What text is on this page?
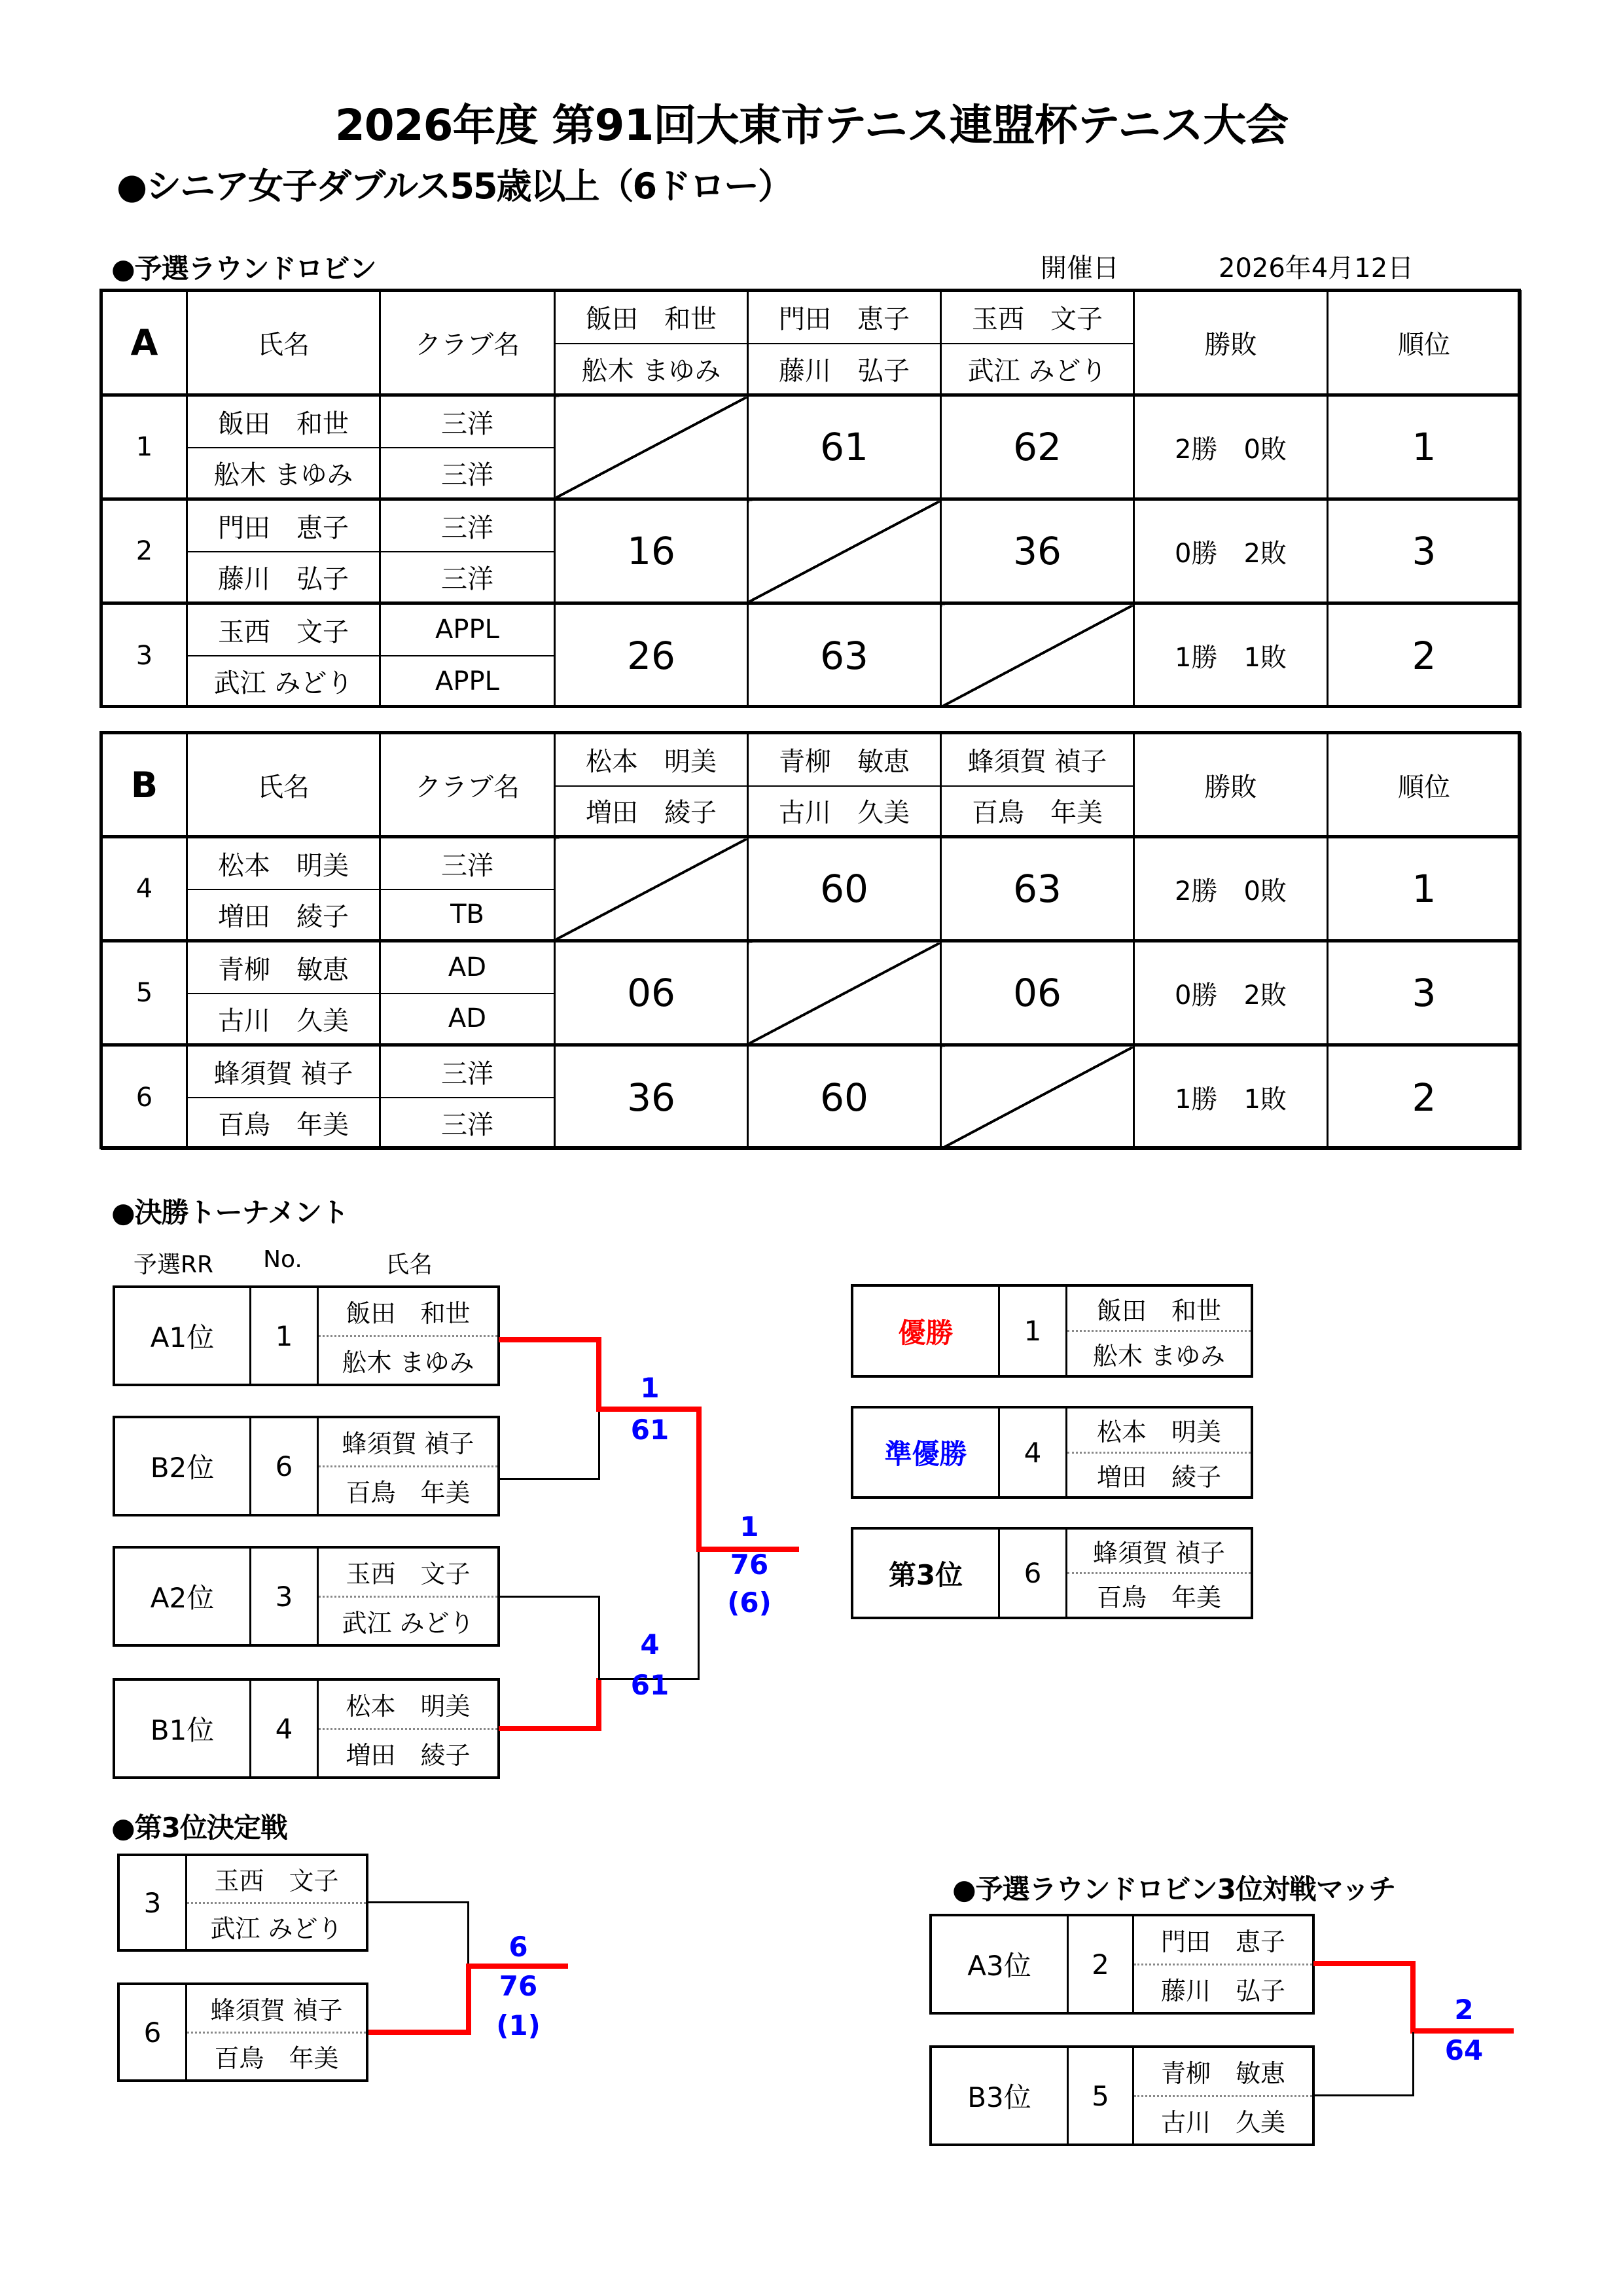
2026年度 第91回大東市テニス連盟杯テニス大会
●シニア女子ダブルス55歳以上（6ドロー）
●予選ラウンドロビン	開催日	2026年4月12日
A	氏名	クラブ名	飯田　和世	門田　恵子	玉西　文子	勝敗	順位
			舩木 まゆみ	藤川　弘子	武江 みどり		
1	飯田　和世	三洋		61	62	2勝　0敗	1
	舩木 まゆみ	三洋					
2	門田　恵子	三洋	16		36	0勝　2敗	3
	藤川　弘子	三洋					
3	玉西　文子	APPL	26	63		1勝　1敗	2
	武江 みどり	APPL					
B	氏名	クラブ名	松本　明美	青柳　敏恵	蜂須賀 禎子	勝敗	順位
			増田　綾子	古川　久美	百鳥　年美		
4	松本　明美	三洋		60	63	2勝　0敗	1
	増田　綾子	TB					
5	青柳　敏恵	AD	06		06	0勝　2敗	3
	古川　久美	AD					
6	蜂須賀 禎子	三洋	36	60		1勝　1敗	2
	百鳥　年美	三洋					
●決勝トーナメント
予選RR	No.	氏名
A1位	1
飯田　和世
舩木 まゆみ
B2位	6
蜂須賀 禎子
百鳥　年美
A2位	3
玉西　文子
武江 みどり
B1位	4
松本　明美
増田　綾子
1
61
4
61
1
76
(6)
優勝	1
飯田　和世
舩木 まゆみ
準優勝	4
松本　明美
増田　綾子
第3位	6
蜂須賀 禎子
百鳥　年美
●第3位決定戦
3
玉西　文子
武江 みどり
6
蜂須賀 禎子
百鳥　年美
6
76
(1)
●予選ラウンドロビン3位対戦マッチ
A3位	2
門田　恵子
藤川　弘子
B3位	5
青柳　敏恵
古川　久美
2
64
